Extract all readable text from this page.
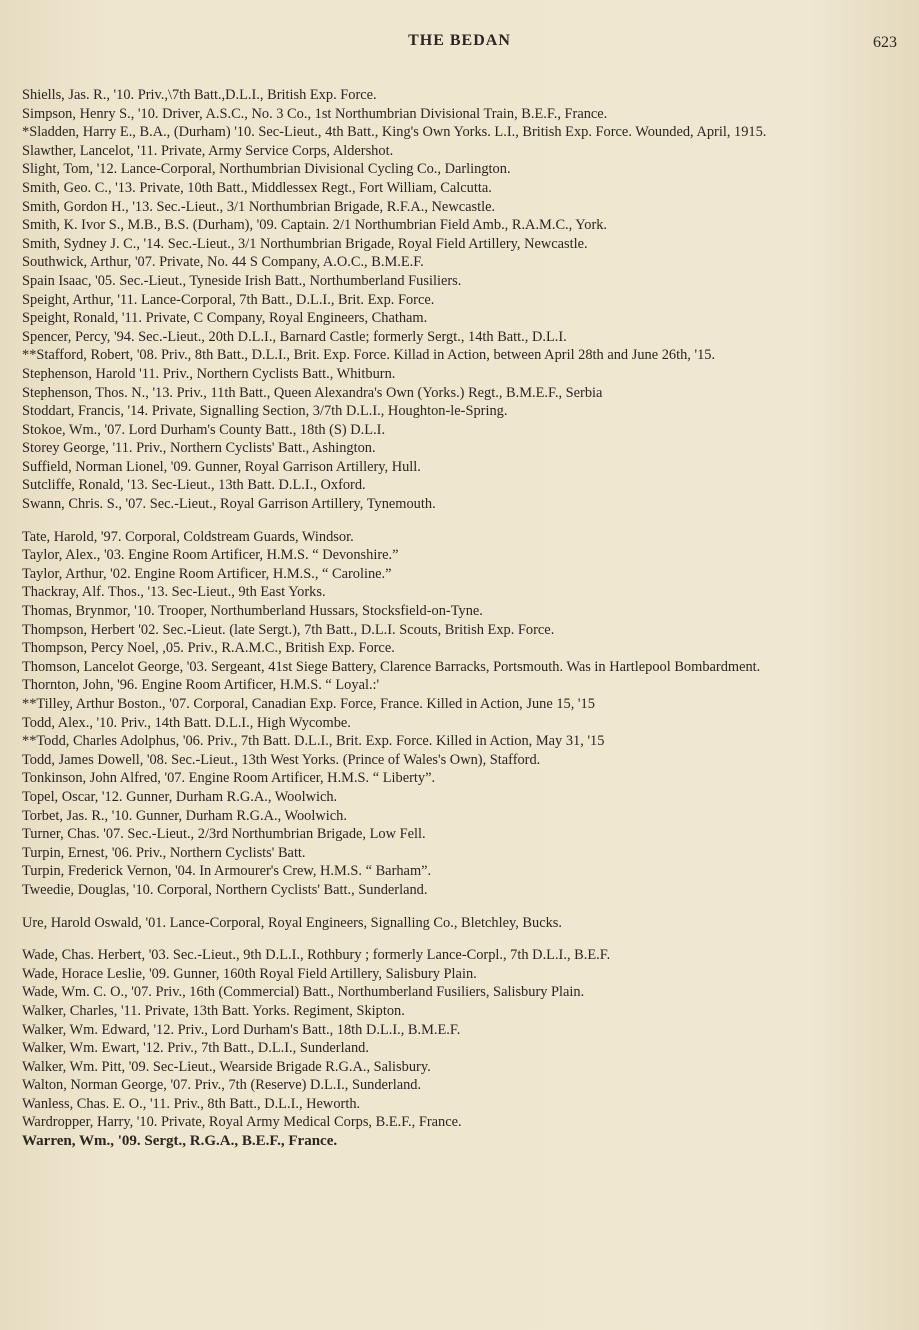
THE BEDAN	623
Shiells, Jas. R., '10. Priv.,\7th Batt.,D.L.I., British Exp. Force.
Simpson, Henry S., '10. Driver, A.S.C., No. 3 Co., 1st Northumbrian Divisional Train, B.E.F., France.
*Sladden, Harry E., B.A., (Durham) '10. Sec-Lieut., 4th Batt., King's Own Yorks. L.I., British Exp. Force. Wounded, April, 1915.
Slawther, Lancelot, '11. Private, Army Service Corps, Aldershot.
Slight, Tom, '12. Lance-Corporal, Northumbrian Divisional Cycling Co., Darlington.
Smith, Geo. C., '13. Private, 10th Batt., Middlessex Regt., Fort William, Calcutta.
Smith, Gordon H., '13. Sec.-Lieut., 3/1 Northumbrian Brigade, R.F.A., Newcastle.
Smith, K. Ivor S., M.B., B.S. (Durham), '09. Captain. 2/1 Northumbrian Field Amb., R.A.M.C., York.
Smith, Sydney J. C., '14. Sec.-Lieut., 3/1 Northumbrian Brigade, Royal Field Artillery, Newcastle.
Southwick, Arthur, '07. Private, No. 44 S Company, A.O.C., B.M.E.F.
Spain Isaac, '05. Sec.-Lieut., Tyneside Irish Batt., Northumberland Fusiliers.
Speight, Arthur, '11. Lance-Corporal, 7th Batt., D.L.I., Brit. Exp. Force.
Speight, Ronald, '11. Private, C Company, Royal Engineers, Chatham.
Spencer, Percy, '94. Sec.-Lieut., 20th D.L.I., Barnard Castle; formerly Sergt., 14th Batt., D.L.I.
**Stafford, Robert, '08. Priv., 8th Batt., D.L.I., Brit. Exp. Force. Killad in Action, between April 28th and June 26th, '15.
Stephenson, Harold '11. Priv., Northern Cyclists Batt., Whitburn.
Stephenson, Thos. N., '13. Priv., 11th Batt., Queen Alexandra's Own (Yorks.) Regt., B.M.E.F., Serbia
Stoddart, Francis, '14. Private, Signalling Section, 3/7th D.L.I., Houghton-le-Spring.
Stokoe, Wm., '07. Lord Durham's County Batt., 18th (S) D.L.I.
Storey George, '11. Priv., Northern Cyclists' Batt., Ashington.
Suffield, Norman Lionel, '09. Gunner, Royal Garrison Artillery, Hull.
Sutcliffe, Ronald, '13. Sec-Lieut., 13th Batt. D.L.I., Oxford.
Swann, Chris. S., '07. Sec.-Lieut., Royal Garrison Artillery, Tynemouth.
Tate, Harold, '97. Corporal, Coldstream Guards, Windsor.
Taylor, Alex., '03. Engine Room Artificer, H.M.S. “ Devonshire.”
Taylor, Arthur, '02. Engine Room Artificer, H.M.S., “ Caroline.”
Thackray, Alf. Thos., '13. Sec-Lieut., 9th East Yorks.
Thomas, Brynmor, '10. Trooper, Northumberland Hussars, Stocksfield-on-Tyne.
Thompson, Herbert '02. Sec.-Lieut. (late Sergt.), 7th Batt., D.L.I. Scouts, British Exp. Force.
Thompson, Percy Noel, ,05. Priv., R.A.M.C., British Exp. Force.
Thomson, Lancelot George, '03. Sergeant, 41st Siege Battery, Clarence Barracks, Portsmouth. Was in Hartlepool Bombardment.
Thornton, John, '96. Engine Room Artificer, H.M.S. “ Loyal.:'
**Tilley, Arthur Boston., '07. Corporal, Canadian Exp. Force, France. Killed in Action, June 15, '15
Todd, Alex., '10. Priv., 14th Batt. D.L.I., High Wycombe.
**Todd, Charles Adolphus, '06. Priv., 7th Batt. D.L.I., Brit. Exp. Force. Killed in Action, May 31, '15
Todd, James Dowell, '08. Sec.-Lieut., 13th West Yorks. (Prince of Wales's Own), Stafford.
Tonkinson, John Alfred, '07. Engine Room Artificer, H.M.S. “ Liberty”.
Topel, Oscar, '12. Gunner, Durham R.G.A., Woolwich.
Torbet, Jas. R., '10. Gunner, Durham R.G.A., Woolwich.
Turner, Chas. '07. Sec.-Lieut., 2/3rd Northumbrian Brigade, Low Fell.
Turpin, Ernest, '06. Priv., Northern Cyclists' Batt.
Turpin, Frederick Vernon, '04. In Armourer's Crew, H.M.S. “ Barham”.
Tweedie, Douglas, '10. Corporal, Northern Cyclists' Batt., Sunderland.
Ure, Harold Oswald, '01. Lance-Corporal, Royal Engineers, Signalling Co., Bletchley, Bucks.
Wade, Chas. Herbert, '03. Sec.-Lieut., 9th D.L.I., Rothbury ; formerly Lance-Corpl., 7th D.L.I., B.E.F.
Wade, Horace Leslie, '09. Gunner, 160th Royal Field Artillery, Salisbury Plain.
Wade, Wm. C. O., '07. Priv., 16th (Commercial) Batt., Northumberland Fusiliers, Salisbury Plain.
Walker, Charles, '11. Private, 13th Batt. Yorks. Regiment, Skipton.
Walker, Wm. Edward, '12. Priv., Lord Durham's Batt., 18th D.L.I., B.M.E.F.
Walker, Wm. Ewart, '12. Priv., 7th Batt., D.L.I., Sunderland.
Walker, Wm. Pitt, '09. Sec-Lieut., Wearside Brigade R.G.A., Salisbury.
Walton, Norman George, '07. Priv., 7th (Reserve) D.L.I., Sunderland.
Wanless, Chas. E. O., '11. Priv., 8th Batt., D.L.I., Heworth.
Wardropper, Harry, '10. Private, Royal Army Medical Corps, B.E.F., France.
Warren, Wm., '09. Sergt., R.G.A., B.E.F., France.
